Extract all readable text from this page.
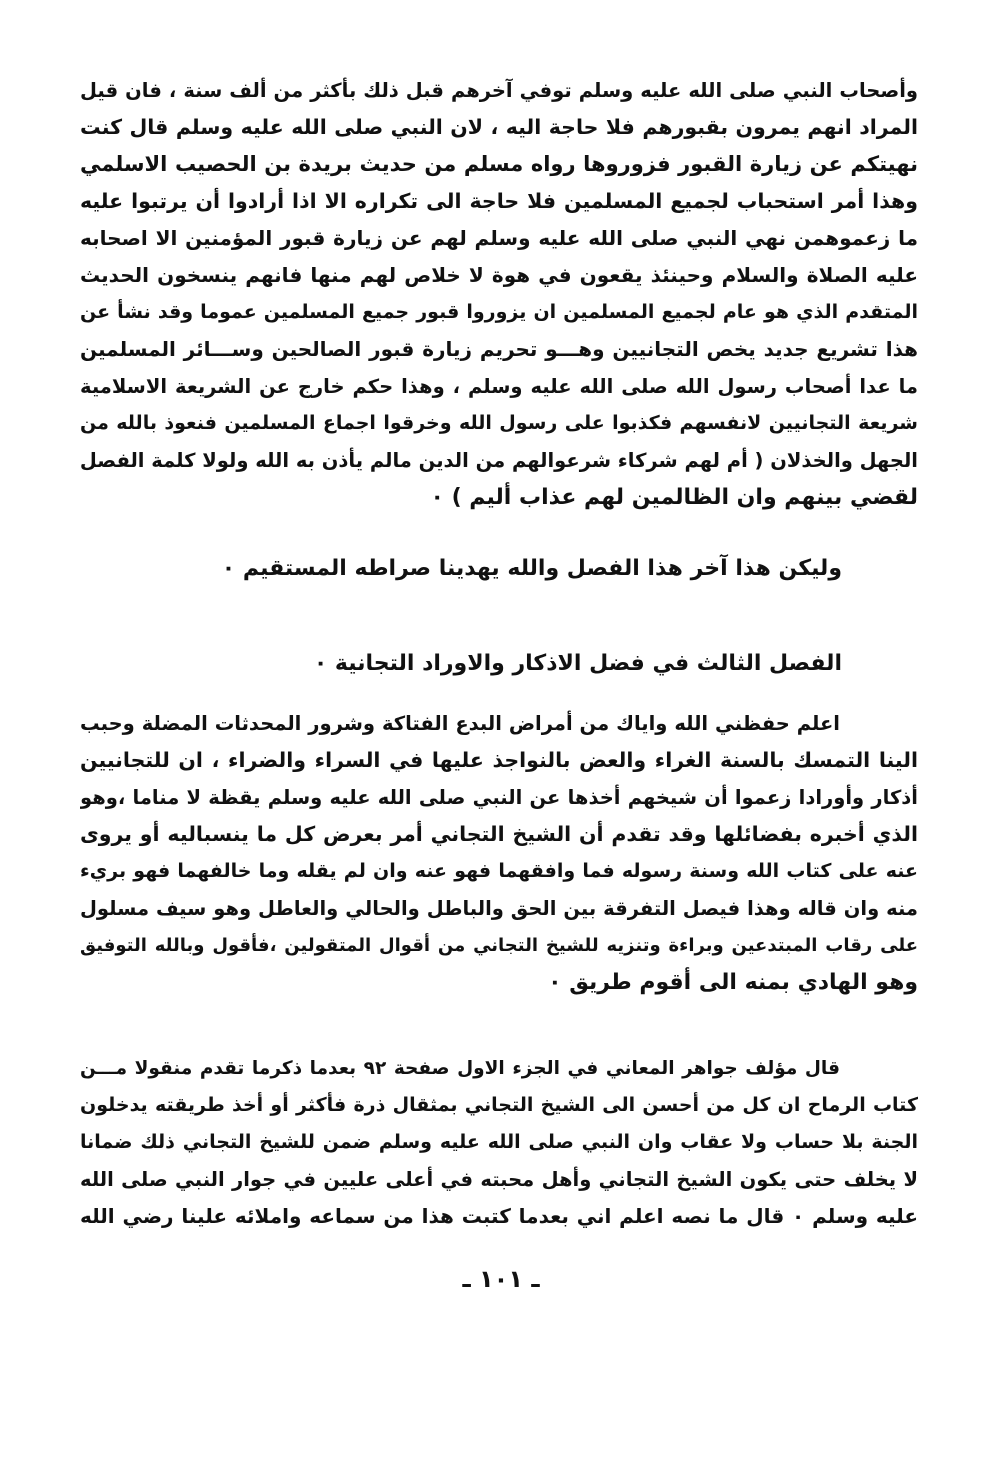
وأصحاب النبي صلى الله عليه وسلم توفي آخرهم قبل ذلك بأكثر من ألف سنة ، فان قيل
المراد انهم يمرون بقبورهم فلا حاجة اليه ، لان النبي صلى الله عليه وسلم قال كنت
نهيتكم عن زيارة القبور فزوروها رواه مسلم من حديث بريدة بن الحصيب الاسلمي
وهذا أمر استحباب لجميع المسلمين فلا حاجة الى تكراره الا اذا أرادوا أن يرتبوا عليه
ما زعموهمن نهي النبي صلى الله عليه وسلم لهم عن زيارة قبور المؤمنين الا اصحابه
عليه الصلاة والسلام وحينئذ يقعون في هوة لا خلاص لهم منها فانهم ينسخون الحديث
المتقدم الذي هو عام لجميع المسلمين ان يزوروا قبور جميع المسلمين عموما وقد نشأ عن
هذا تشريع جديد يخص التجانيين وهـــو تحريم زيارة قبور الصالحين وســـائر المسلمين
ما عدا أصحاب رسول الله صلى الله عليه وسلم ، وهذا حكم خارج عن الشريعة الاسلامية
شريعة التجانيين لانفسهم فكذبوا على رسول الله وخرقوا اجماع المسلمين فنعوذ بالله من
الجهل والخذلان ( أم لهم شركاء شرعوالهم من الدين مالم يأذن به الله ولولا كلمة الفصل
لقضي بينهم وان الظالمين لهم عذاب أليم ) ٠
وليكن هذا آخر هذا الفصل والله يهدينا صراطه المستقيم ٠
الفصل الثالث في فضل الاذكار والاوراد التجانية ٠
اعلم حفظني الله واياك من أمراض البدع الفتاكة وشرور المحدثات المضلة وحبب
الينا التمسك بالسنة الغراء والعض بالنواجذ عليها في السراء والضراء ، ان للتجانيين
أذكار وأورادا زعموا أن شيخهم أخذها عن النبي صلى الله عليه وسلم يقظة لا مناما ،وهو
الذي أخبره بفضائلها وقد تقدم أن الشيخ التجاني أمر بعرض كل ما ينسباليه أو يروى
عنه على كتاب الله وسنة رسوله فما وافقهما فهو عنه وان لم يقله وما خالفهما فهو بريء
منه وان قاله وهذا فيصل التفرقة بين الحق والباطل والحالي والعاطل وهو سيف مسلول
على رقاب المبتدعين وبراءة وتنزيه للشيخ التجاني من أقوال المتقولين ،فأقول وبالله التوفيق
وهو الهادي بمنه الى أقوم طريق ٠
قال مؤلف جواهر المعاني في الجزء الاول صفحة ٩٢ بعدما ذكرما تقدم منقولا مـــن
كتاب الرماح ان كل من أحسن الى الشيخ التجاني بمثقال ذرة فأكثر أو أخذ طريقته يدخلون
الجنة بلا حساب ولا عقاب وان النبي صلى الله عليه وسلم ضمن للشيخ التجاني ذلك ضمانا
لا يخلف حتى يكون الشيخ التجاني وأهل محبته في أعلى عليين في جوار النبي صلى الله
عليه وسلم ٠ قال ما نصه اعلم اني بعدما كتبت هذا من سماعه واملائه علينا رضي الله
ـ ١٠١ ـ
